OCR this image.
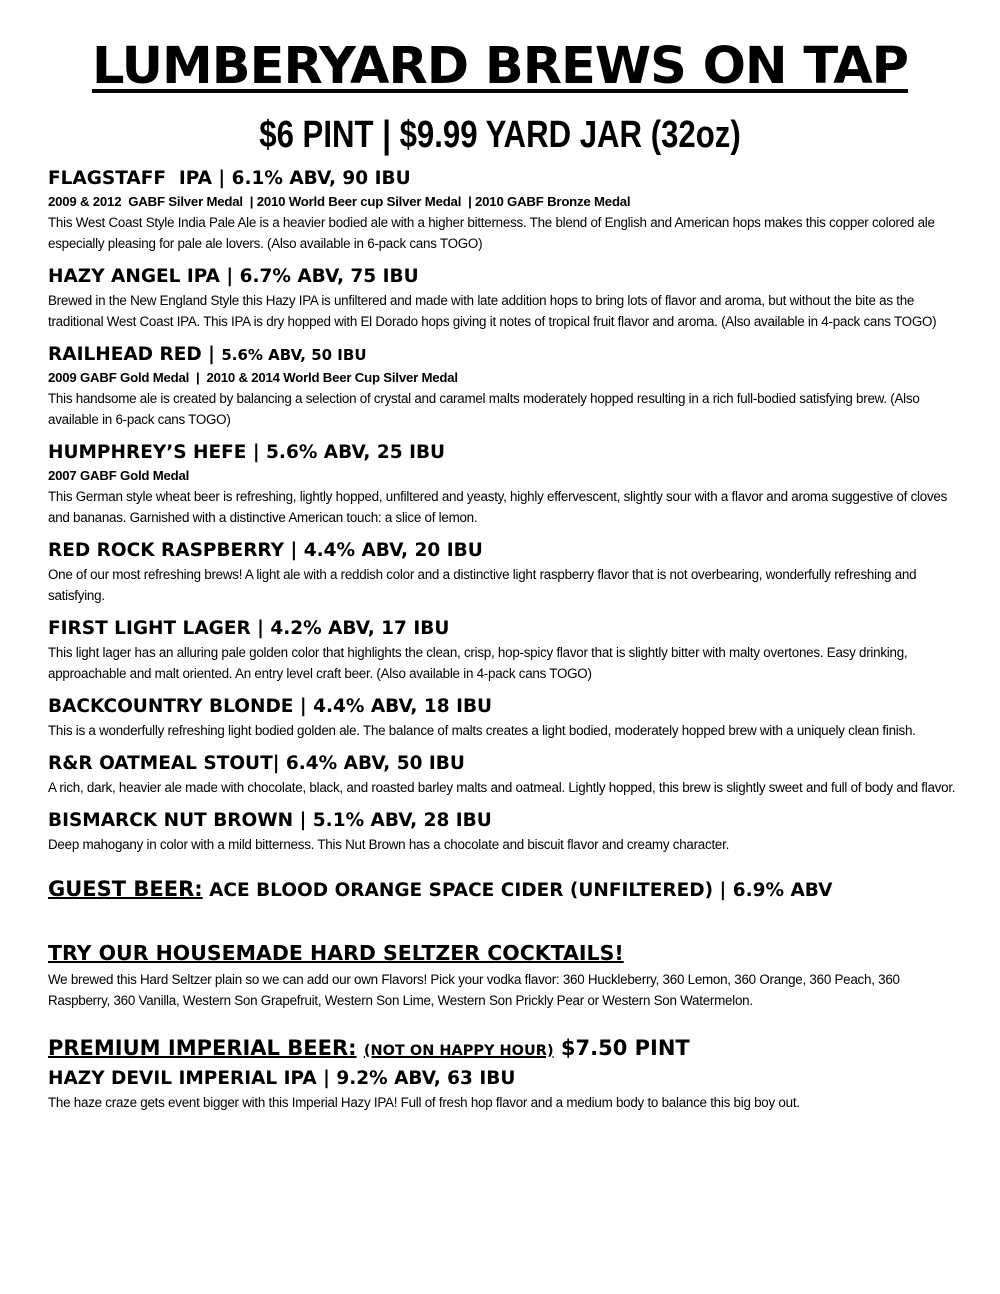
LUMBERYARD BREWS ON TAP
$6 PINT | $9.99 YARD JAR (32oz)
FLAGSTAFF  IPA | 6.1% ABV, 90 IBU
2009 & 2012  GABF Silver Medal  | 2010 World Beer cup Silver Medal  | 2010 GABF Bronze Medal
This West Coast Style India Pale Ale is a heavier bodied ale with a higher bitterness. The blend of English and American hops makes this copper colored ale especially pleasing for pale ale lovers. (Also available in 6-pack cans TOGO)
HAZY ANGEL IPA | 6.7% ABV, 75 IBU
Brewed in the New England Style this Hazy IPA is unfiltered and made with late addition hops to bring lots of flavor and aroma, but without the bite as the traditional West Coast IPA. This IPA is dry hopped with El Dorado hops giving it notes of tropical fruit flavor and aroma. (Also available in 4-pack cans TOGO)
RAILHEAD RED | 5.6% ABV, 50 IBU
2009 GABF Gold Medal  |  2010 & 2014 World Beer Cup Silver Medal
This handsome ale is created by balancing a selection of crystal and caramel malts moderately hopped resulting in a rich full-bodied satisfying brew. (Also available in 6-pack cans TOGO)
HUMPHREY’S HEFE | 5.6% ABV, 25 IBU
2007 GABF Gold Medal
This German style wheat beer is refreshing, lightly hopped, unfiltered and yeasty, highly effervescent, slightly sour with a flavor and aroma suggestive of cloves and bananas. Garnished with a distinctive American touch: a slice of lemon.
RED ROCK RASPBERRY | 4.4% ABV, 20 IBU
One of our most refreshing brews! A light ale with a reddish color and a distinctive light raspberry flavor that is not overbearing, wonderfully refreshing and satisfying.
FIRST LIGHT LAGER | 4.2% ABV, 17 IBU
This light lager has an alluring pale golden color that highlights the clean, crisp, hop-spicy flavor that is slightly bitter with malty overtones. Easy drinking, approachable and malt oriented. An entry level craft beer. (Also available in 4-pack cans TOGO)
BACKCOUNTRY BLONDE | 4.4% ABV, 18 IBU
This is a wonderfully refreshing light bodied golden ale. The balance of malts creates a light bodied, moderately hopped brew with a uniquely clean finish.
R&R OATMEAL STOUT| 6.4% ABV, 50 IBU
A rich, dark, heavier ale made with chocolate, black, and roasted barley malts and oatmeal. Lightly hopped, this brew is slightly sweet and full of body and flavor.
BISMARCK NUT BROWN | 5.1% ABV, 28 IBU
Deep mahogany in color with a mild bitterness. This Nut Brown has a chocolate and biscuit flavor and creamy character.
GUEST BEER: ACE BLOOD ORANGE SPACE CIDER (UNFILTERED) | 6.9% ABV
TRY OUR HOUSEMADE HARD SELTZER COCKTAILS!
We brewed this Hard Seltzer plain so we can add our own Flavors! Pick your vodka flavor: 360 Huckleberry, 360 Lemon, 360 Orange, 360 Peach, 360 Raspberry, 360 Vanilla, Western Son Grapefruit, Western Son Lime, Western Son Prickly Pear or Western Son Watermelon.
PREMIUM IMPERIAL BEER: (NOT ON HAPPY HOUR) $7.50 PINT
HAZY DEVIL IMPERIAL IPA | 9.2% ABV, 63 IBU
The haze craze gets event bigger with this Imperial Hazy IPA! Full of fresh hop flavor and a medium body to balance this big boy out.
